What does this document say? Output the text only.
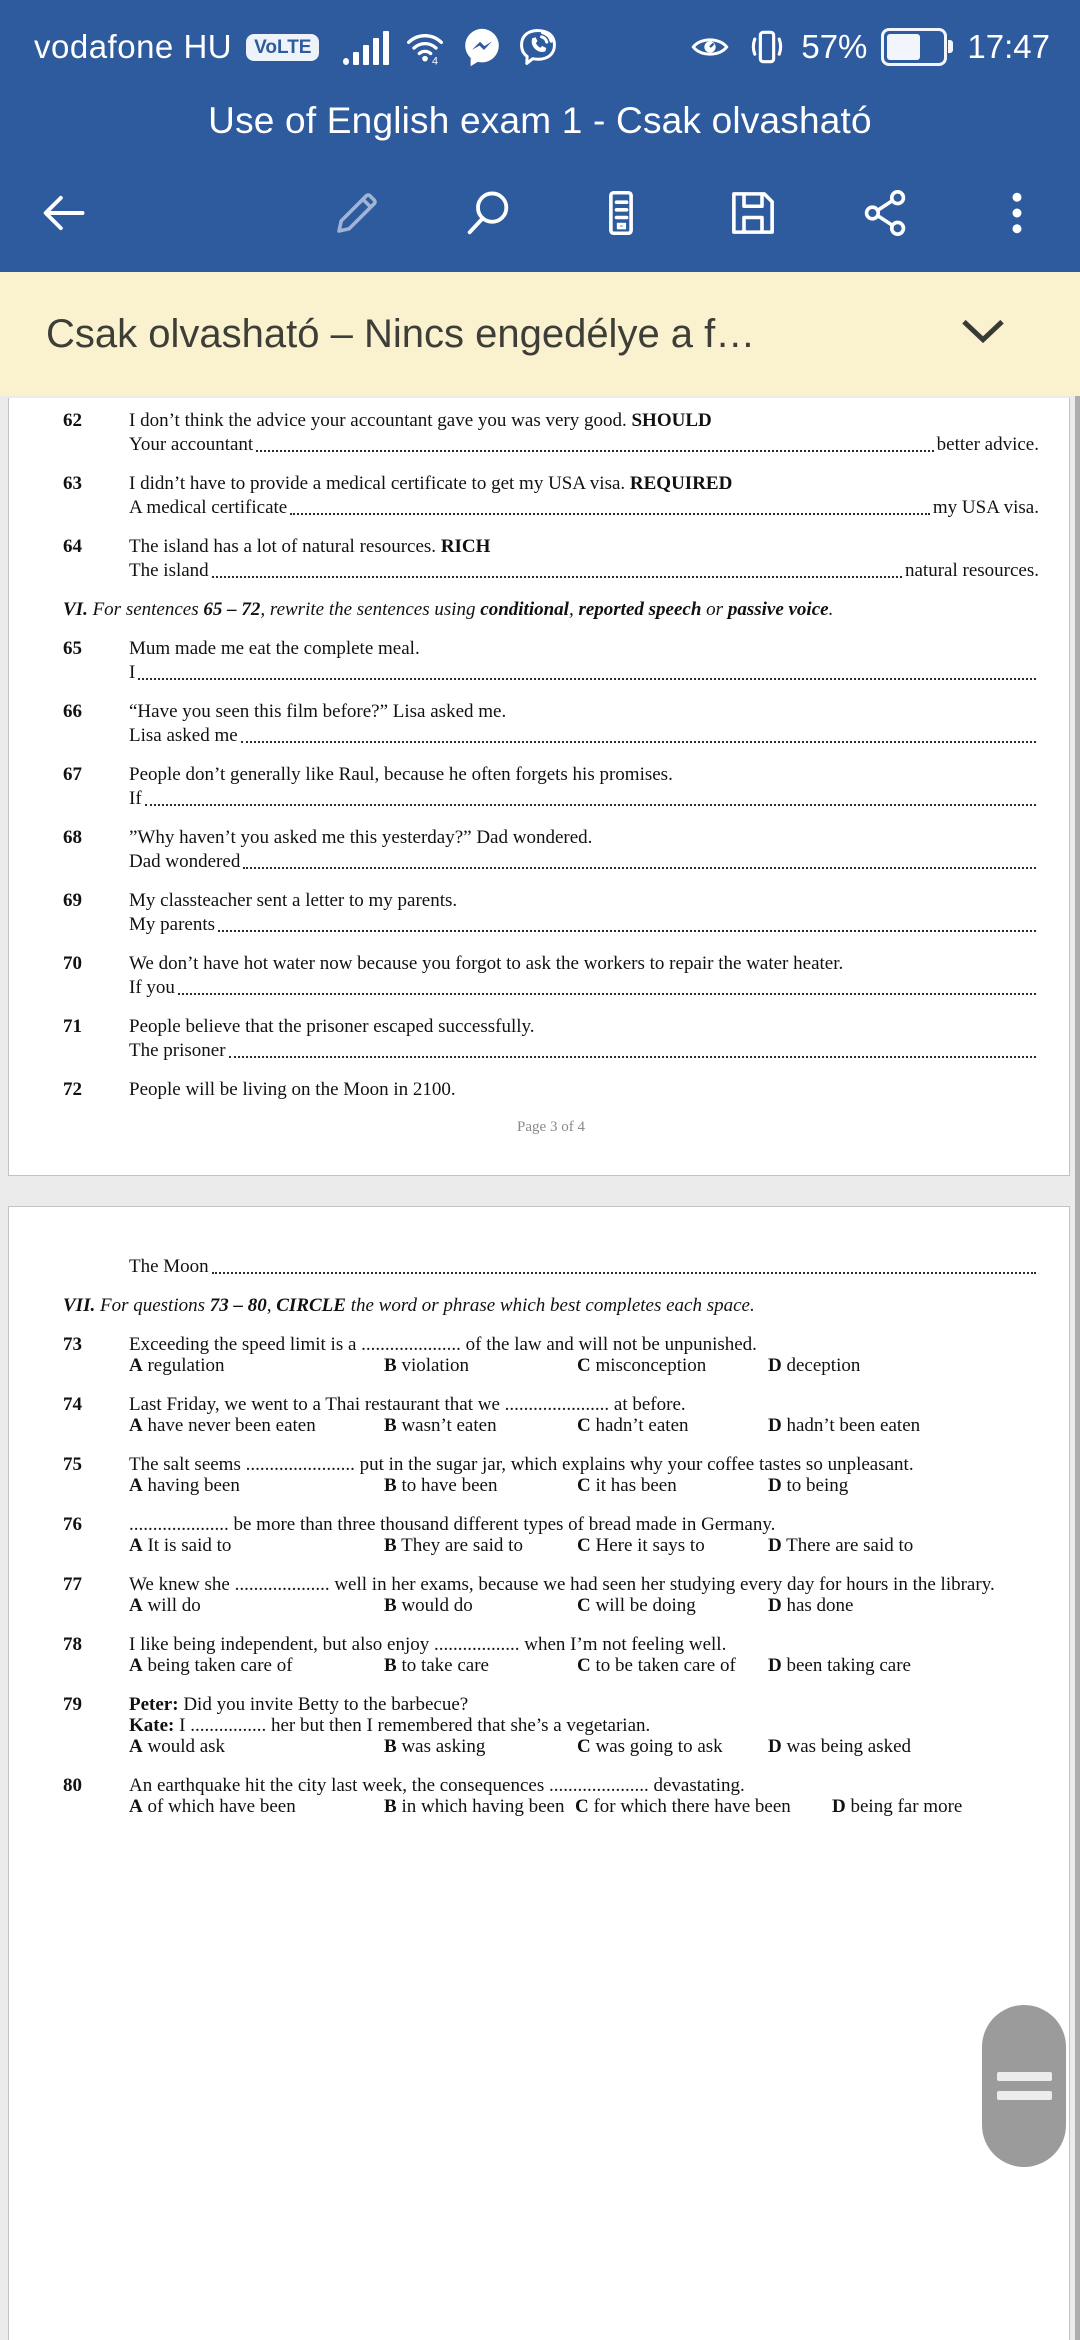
vodafone HU	VoLTE
4	57%	17:47
Use of English exam 1 - Csak olvasható
Csak olvasható – Nincs engedélye a f…
62	I don’t think the advice your accountant gave you was very good. SHOULD
Your accountant	better advice.
63	I didn’t have to provide a medical certificate to get my USA visa. REQUIRED
A medical certificate	my USA visa.
64	The island has a lot of natural resources. RICH
The island	natural resources.
VI. For sentences 65 – 72, rewrite the sentences using conditional, reported speech or passive voice.
65	Mum made me eat the complete meal.
I
66	“Have you seen this film before?” Lisa asked me.
Lisa asked me
67	People don’t generally like Raul, because he often forgets his promises.
If
68	”Why haven’t you asked me this yesterday?” Dad wondered.
Dad wondered
69	My classteacher sent a letter to my parents.
My parents
70	We don’t have hot water now because you forgot to ask the workers to repair the water heater.
If you
71	People believe that the prisoner escaped successfully.
The prisoner
72	People will be living on the Moon in 2100.
Page 3 of 4
The Moon
VII. For questions 73 – 80, CIRCLE the word or phrase which best completes each space.
73	Exceeding the speed limit is a ..................... of the law and will not be unpunished.
A regulation	B violation	C misconception	D deception
74	Last Friday, we went to a Thai restaurant that we ...................... at before.
A have never been eaten	B wasn’t eaten	C hadn’t eaten	D hadn’t been eaten
75	The salt seems ....................... put in the sugar jar, which explains why your coffee tastes so unpleasant.
A having been	B to have been	C it has been	D to being
76	..................... be more than three thousand different types of bread made in Germany.
A It is said to	B They are said to	C Here it says to	D There are said to
77	We knew she .................... well in her exams, because we had seen her studying every day for hours in the library.
A will do	B would do	C will be doing	D has done
78	I like being independent, but also enjoy .................. when I’m not feeling well.
A being taken care of	B to take care	C to be taken care of	D been taking care
79	Peter: Did you invite Betty to the barbecue?
Kate: I ................ her but then I remembered that she’s a vegetarian.
A would ask	B was asking	C was going to ask	D was being asked
80	An earthquake hit the city last week, the consequences ..................... devastating.
A of which have been	B in which having been C for which there have been	D being far more
